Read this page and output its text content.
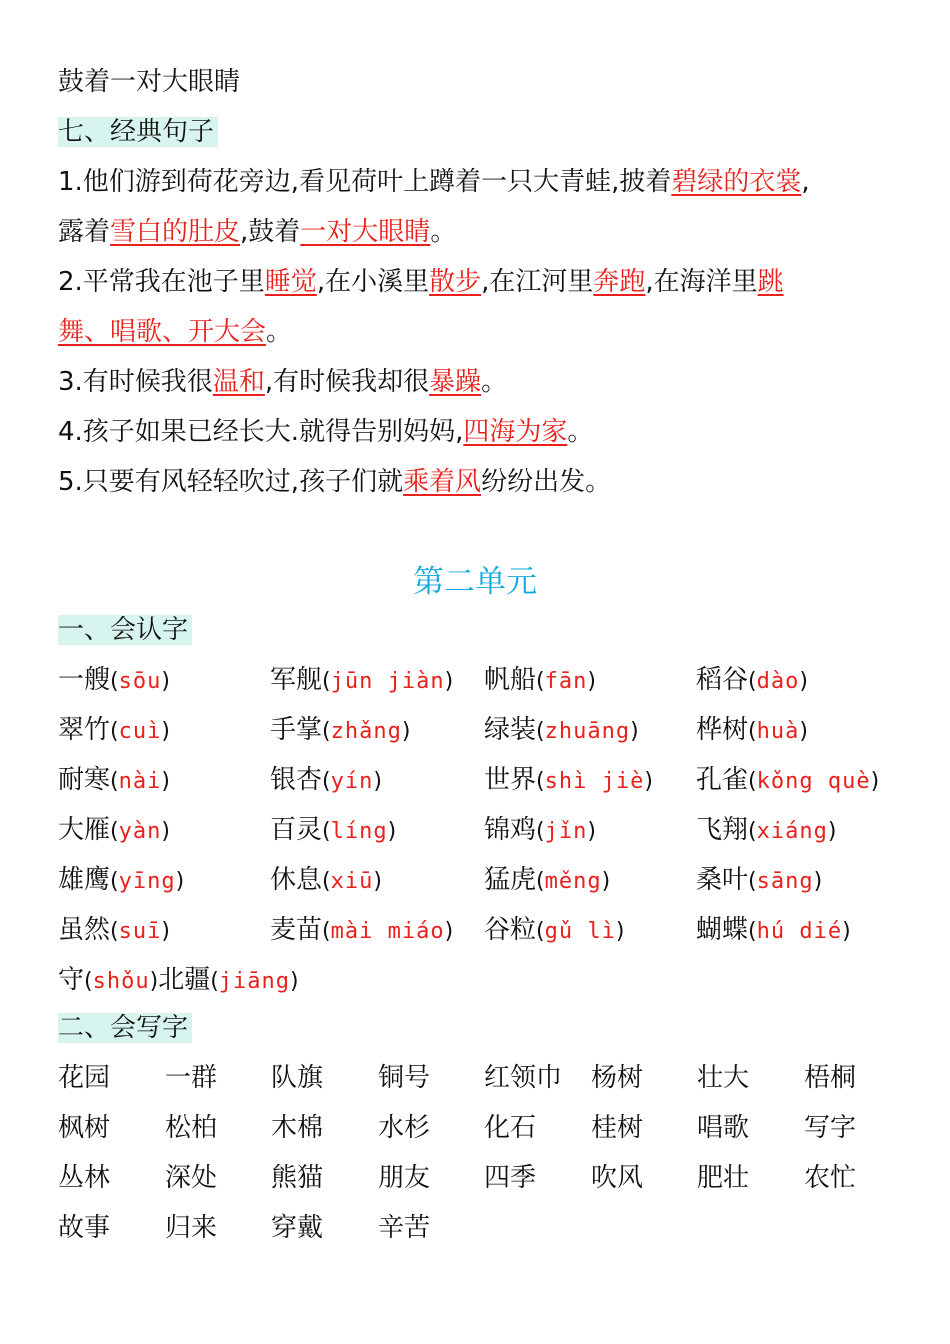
鼓着一对大眼睛
七、经典句子
1.他们游到荷花旁边,看见荷叶上蹲着一只大青蛙,披着碧绿的衣裳,
露着雪白的肚皮,鼓着一对大眼睛。
2.平常我在池子里睡觉,在小溪里散步,在江河里奔跑,在海洋里跳
舞、唱歌、开大会。
3.有时候我很温和,有时候我却很暴躁。
4.孩子如果已经长大.就得告别妈妈,四海为家。
5.只要有风轻轻吹过,孩子们就乘着风纷纷出发。
第二单元
一、会认字
一艘(sōu)	军舰(jūn jiàn) 帆船(fān)	稻谷(dào)
翠竹(cuì)	手掌(zhǎng)	绿装(zhuāng) 桦树(huà)
耐寒(nài)	银杏(yín)	世界(shì jiè) 孔雀(kǒng què)
大雁(yàn)	百灵(líng)	锦鸡(jǐn)	飞翔(xiáng)
雄鹰(yīng)	休息(xiū)	猛虎(měng)	桑叶(sāng)
虽然(suī)	麦苗(mài miáo) 谷粒(gǔ lì)	蝴蝶(hú dié)
守(shǒu) 北疆(jiāng)
二、会写字
花园 一群 队旗 铜号 红领巾 杨树 壮大 梧桐
枫树 松柏 木棉 水杉 化石 桂树 唱歌 写字
丛林 深处 熊猫 朋友 四季 吹风 肥壮 农忙
故事 归来 穿戴 辛苦
